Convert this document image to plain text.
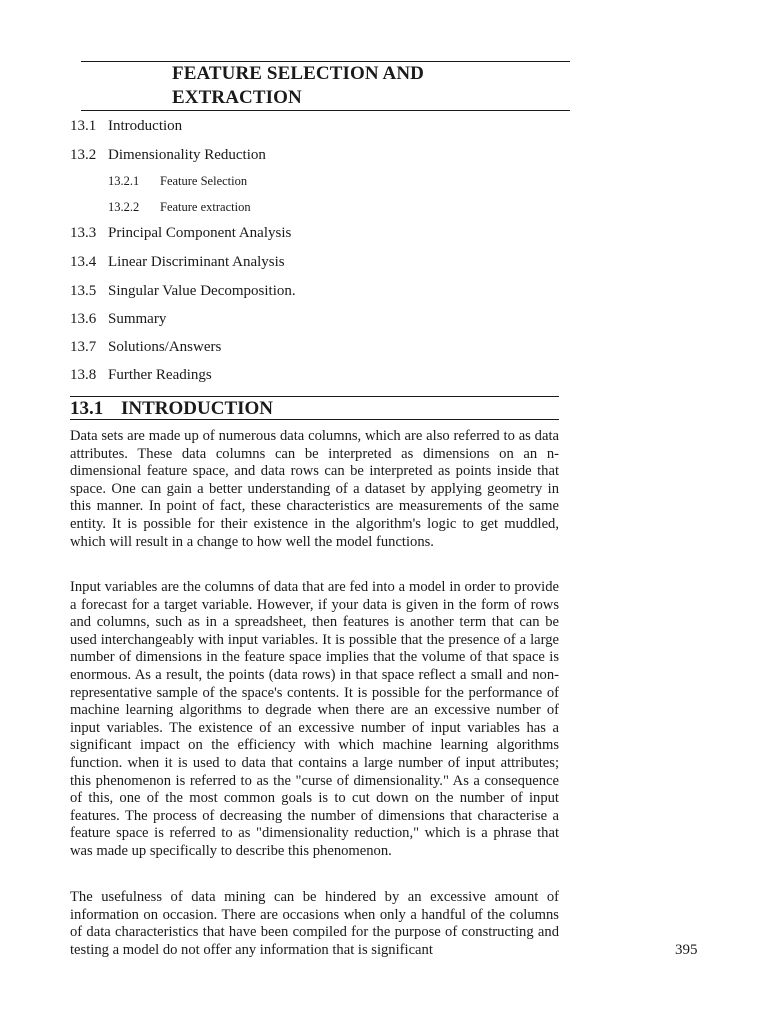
FEATURE SELECTION AND EXTRACTION
13.1 Introduction
13.2 Dimensionality Reduction
13.2.1 Feature Selection
13.2.2 Feature extraction
13.3 Principal Component Analysis
13.4 Linear Discriminant Analysis
13.5 Singular Value Decomposition.
13.6 Summary
13.7 Solutions/Answers
13.8 Further Readings
13.1 INTRODUCTION

Data sets are made up of numerous data columns, which are also referred to as data attributes. These data columns can be interpreted as dimensions on an n-dimensional feature space, and data rows can be interpreted as points inside that space. One can gain a better understanding of a dataset by applying geometry in this manner. In point of fact, these characteristics are measurements of the same entity. It is possible for their existence in the algorithm's logic to get muddled, which will result in a change to how well the model functions.

Input variables are the columns of data that are fed into a model in order to provide a forecast for a target variable. However, if your data is given in the form of rows and columns, such as in a spreadsheet, then features is another term that can be used interchangeably with input variables. It is possible that the presence of a large number of dimensions in the feature space implies that the volume of that space is enormous. As a result, the points (data rows) in that space reflect a small and non-representative sample of the space's contents. It is possible for the performance of machine learning algorithms to degrade when there are an excessive number of input variables. The existence of an excessive number of input variables has a significant impact on the efficiency with which machine learning algorithms function. when it is used to data that contains a large number of input attributes; this phenomenon is referred to as the "curse of dimensionality." As a consequence of this, one of the most common goals is to cut down on the number of input features. The process of decreasing the number of dimensions that characterise a feature space is referred to as "dimensionality reduction," which is a phrase that was made up specifically to describe this phenomenon.

The usefulness of data mining can be hindered by an excessive amount of information on occasion. There are occasions when only a handful of the columns of data characteristics that have been compiled for the purpose of constructing and testing a model do not offer any information that is significant	395
